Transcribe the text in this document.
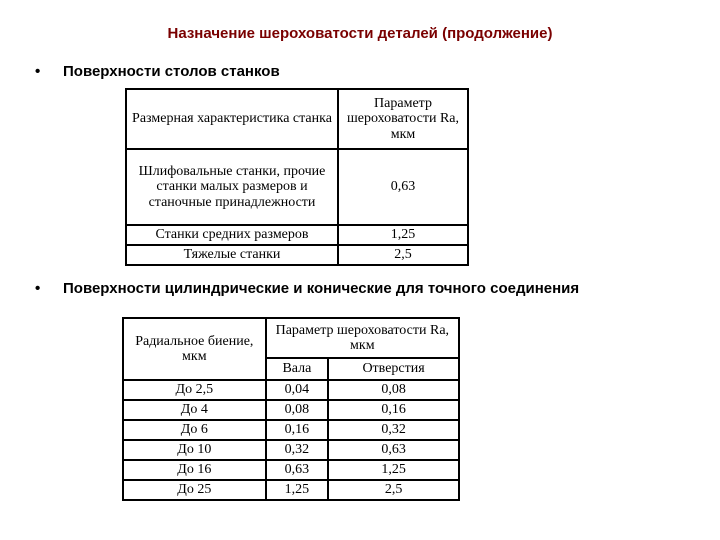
Назначение шероховатости деталей (продолжение)
• Поверхности столов станков
Размерная характеристика станка	Параметр шероховатости Ra, мкм
Шлифовальные станки, прочие станки малых размеров и станочные принадлежности	0,63
Станки средних размеров	1,25
Тяжелые станки	2,5
• Поверхности цилиндрические и конические для точного соединения
Радиальное биение, мкм	Параметр шероховатости Ra, мкм	
	Вала	Отверстия
До 2,5	0,04	0,08
До 4	0,08	0,16
До 6	0,16	0,32
До 10	0,32	0,63
До 16	0,63	1,25
До 25	1,25	2,5
